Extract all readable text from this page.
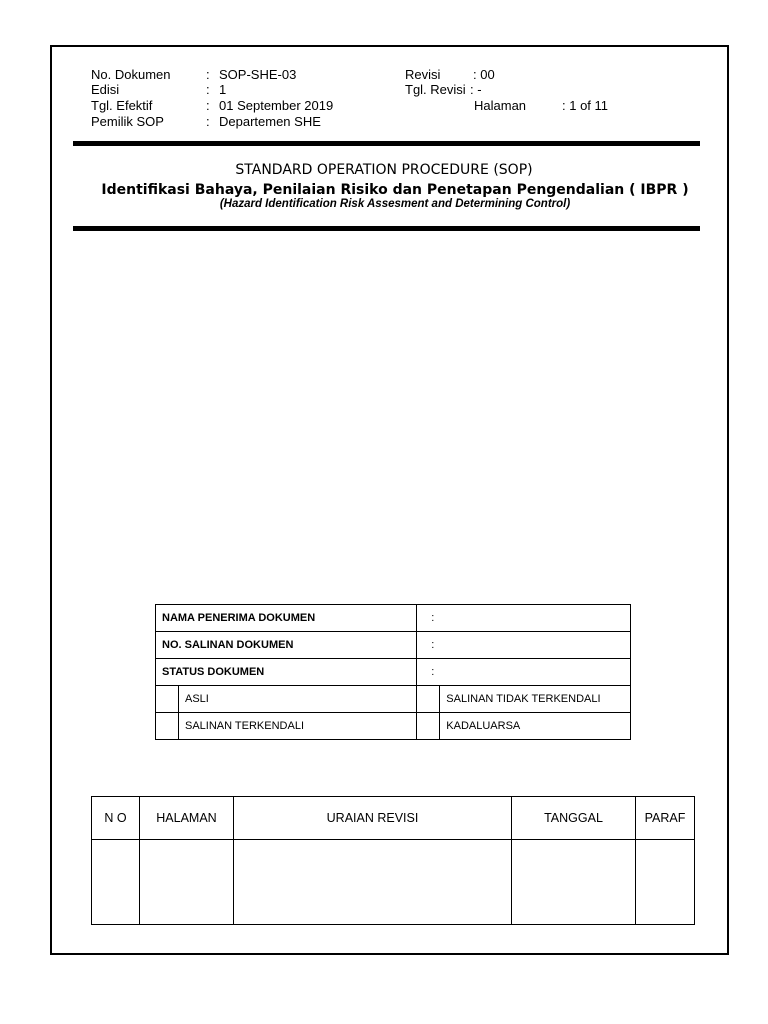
No. Dokumen	: SOP-SHE-03
Edisi	: 1
Tgl. Efektif	: 01 September 2019
Pemilik SOP	: Departemen SHE
Revisi	: 00
Tgl. Revisi : -
Halaman	: 1 of 11
STANDARD OPERATION PROCEDURE (SOP)
Identifikasi Bahaya, Penilaian Risiko dan Penetapan Pengendalian ( IBPR )
(Hazard Identification Risk Assesment and Determining Control)
NAMA PENERIMA DOKUMEN		:	
NO. SALINAN DOKUMEN		:	
STATUS DOKUMEN		:	
	ASLI		SALINAN TIDAK TERKENDALI
	SALINAN TERKENDALI		KADALUARSA
N O	HALAMAN	URAIAN REVISI	TANGGAL	PARAF
